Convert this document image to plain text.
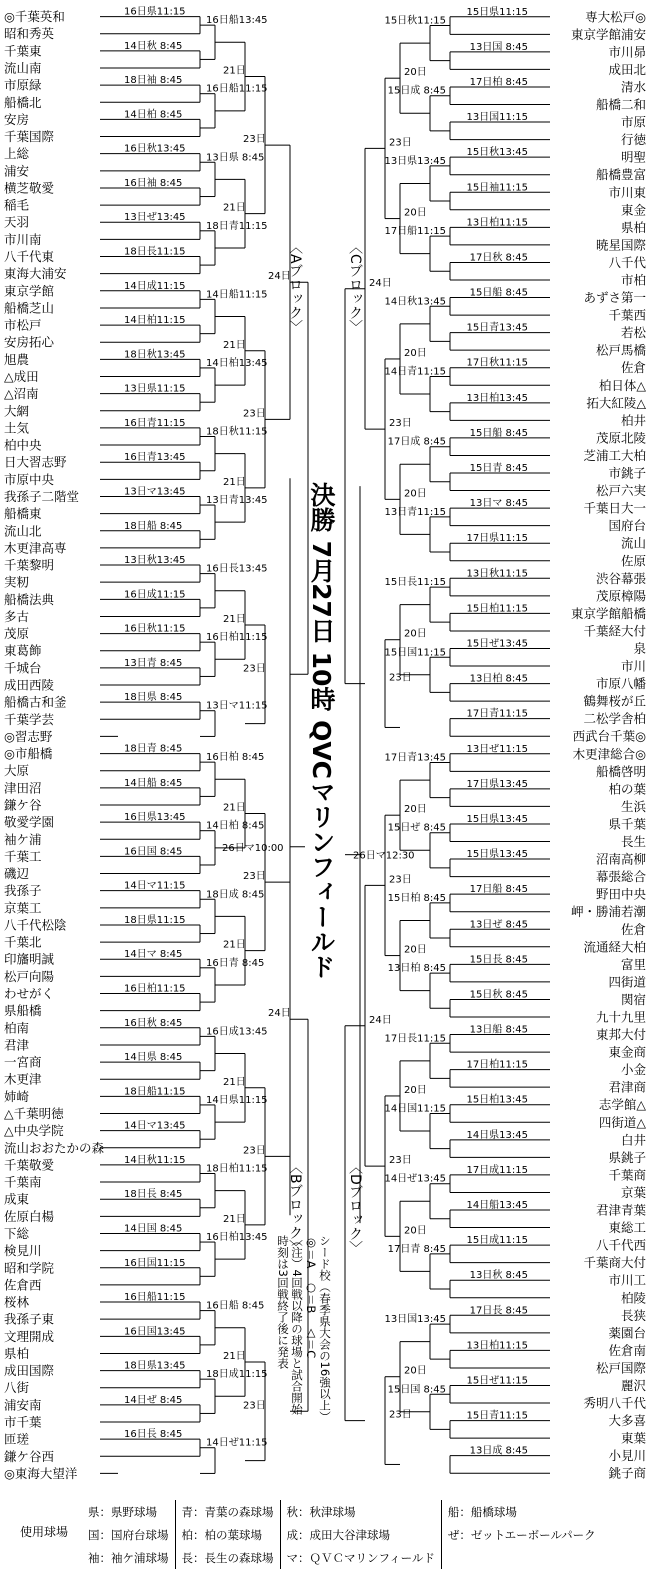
◎千葉英和
昭和秀英
千葉東
流山南
市原緑
船橋北
安房
千葉国際
上総
浦安
横芝敬愛
稲毛
天羽
市川南
八千代東
東海大浦安
東京学館
船橋芝山
市松戸
安房拓心
旭農
△成田
△沼南
大網
土気
柏中央
日大習志野
市原中央
我孫子二階堂
船橋東
流山北
木更津高専
千葉黎明
実籾
船橋法典
多古
茂原
東葛飾
千城台
成田西陵
船橋古和釜
千葉学芸
◎習志野
◎市船橋
大原
津田沼
鎌ケ谷
敬愛学園
袖ケ浦
千葉工
磯辺
我孫子
京葉工
八千代松陰
千葉北
印旛明誠
松戸向陽
わせがく
県船橋
柏南
君津
一宮商
木更津
姉崎
△千葉明徳
△中央学院
流山おおたかの森
千葉敬愛
千葉南
成東
佐原白楊
下総
検見川
昭和学院
佐倉西
桜林
我孫子東
文理開成
県柏
成田国際
八街
浦安南
市千葉
匝瑳
鎌ケ谷西
◎東海大望洋
専大松戸◎
東京学館浦安
市川昴
成田北
清水
船橋二和
市原
行徳
明聖
船橋豊富
市川東
東金
県柏
暁星国際
八千代
市柏
あずさ第一
千葉西
若松
松戸馬橋
佐倉
柏日体△
拓大紅陵△
柏井
茂原北陵
芝浦工大柏
市銚子
松戸六実
千葉日大一
国府台
流山
佐原
渋谷幕張
茂原樟陽
東京学館船橋
千葉経大付
泉
市川
市原八幡
鶴舞桜が丘
二松学舎柏
西武台千葉◎
木更津総合◎
船橋啓明
柏の葉
生浜
県千葉
長生
沼南高柳
幕張総合
野田中央
岬・勝浦若潮
佐倉
流通経大柏
富里
四街道
関宿
九十九里
東邦大付
東金商
小金
君津商
志学館△
四街道△
白井
県銚子
千葉商
京葉
君津青葉
東総工
八千代西
千葉商大付
市川工
柏陵
長狭
薬園台
佐倉南
松戸国際
麗沢
秀明八千代
大多喜
東葉
小見川
銚子商
16日県11:15
14日秋 8:45
18日袖 8:45
14日柏 8:45
16日秋13:45
16日袖 8:45
13日ぜ13:45
18日長11:15
14日成11:15
14日柏11:15
18日秋13:45
13日県11:15
16日青11:15
16日青13:45
13日マ13:45
18日船 8:45
13日秋13:45
16日成11:15
16日秋11:15
13日青 8:45
18日県 8:45
16日船13:45
16日船11:15
13日県 8:45
18日青11:15
14日船11:15
14日柏13:45
18日秋11:15
13日青13:45
16日長13:45
16日柏11:15
13日マ11:15
21日
21日
21日
21日
21日
23日
23日
23日
24日
18日青 8:45
14日船 8:45
16日県13:45
16日国 8:45
14日マ11:15
18日県11:15
14日マ 8:45
16日柏11:15
16日秋 8:45
14日県 8:45
18日船11:15
14日マ13:45
14日秋11:15
18日長 8:45
14日国 8:45
16日国11:15
16日船11:15
16日国13:45
18日県13:45
14日ぜ 8:45
16日長 8:45
16日柏 8:45
14日柏 8:45
18日成 8:45
16日青 8:45
16日成13:45
14日県11:15
18日柏11:15
16日柏13:45
16日船 8:45
18日成11:15
14日ぜ11:15
21日
21日
21日
21日
21日
23日
23日
23日
24日
15日県11:15
13日国 8:45
17日柏 8:45
13日国11:15
15日秋13:45
15日袖11:15
13日柏11:15
17日秋 8:45
15日船 8:45
15日青13:45
17日秋11:15
13日柏13:45
15日船 8:45
15日青 8:45
13日マ 8:45
17日県11:15
13日秋11:15
15日柏11:15
15日ぜ13:45
13日柏 8:45
17日青11:15
15日秋11:15
15日成 8:45
13日県13:45
17日船11:15
14日秋13:45
14日青11:15
17日成 8:45
13日青11:15
15日長11:15
15日国11:15
20日
20日
20日
20日
20日
23日
23日
23日
24日
13日ぜ11:15
17日県13:45
15日県13:45
15日県13:45
17日船 8:45
13日ぜ 8:45
15日長 8:45
15日秋 8:45
13日船 8:45
17日柏11:15
15日柏13:45
14日県13:45
17日成11:15
14日船13:45
15日成11:15
13日秋 8:45
17日長 8:45
13日柏11:15
15日ぜ11:15
15日青11:15
13日成 8:45
17日青13:45
15日ぜ 8:45
15日柏 8:45
13日柏 8:45
17日長11:15
14日国11:15
14日ぜ13:45
17日青 8:45
13日国13:45
15日国 8:45
20日
20日
20日
20日
20日
23日
23日
23日
24日
26日マ10:00
26日マ12:30
決勝 7月27日 10時 QVCマリンフィールド
〈Aブロック〉
〈Bブロック〉
〈Cブロック〉
〈Dブロック〉
シード校（春季県大会の16強以上）
◎＝A　○＝B　△＝C
（注）4回戦以降の球場と試合開始
時刻は3回戦終了後に発表
使用球場
県：県野球場	青：青葉の森球場	秋：秋津球場	船：船橋球場
国：国府台球場	柏：柏の葉球場	成：成田大谷津球場	ぜ：ゼットエーボールパーク
袖：袖ケ浦球場	長：長生の森球場	マ：ＱＶＣマリンフィールド	
